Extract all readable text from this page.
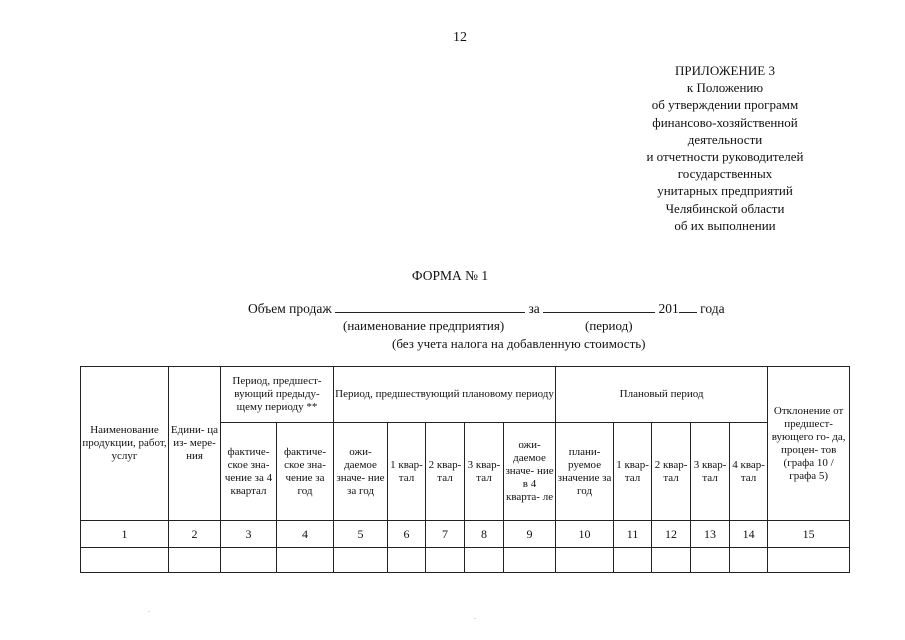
12
ПРИЛОЖЕНИЕ 3
к Положению
об утверждении программ
финансово-хозяйственной
деятельности
и отчетности руководителей
государственных
унитарных предприятий
Челябинской области
об их выполнении
ФОРМА № 1
Объем продаж	за	201 года
(наименование предприятия)	(период)
(без учета налога на добавленную стоимость)
Наименование продукции, работ, услуг	Едини- ца из- мере- ния	Период, предшест- вующий предыду- щему периоду **		Период, предшествующий плановому периоду					Плановый период					Отклонение от предшест- вующего го- да, процен- тов (графа 10 / графа 5)
		фактиче- ское зна- чение за 4 квартал	фактиче- ское зна- чение за год	ожи- даемое значе- ние за год	1 квар- тал	2 квар- тал	3 квар- тал	ожи- даемое значе- ние в 4 квартa- ле	плани- руемое значение за год	1 квар- тал	2 квар- тал	3 квар- тал	4 квар- тал	
1	2	3	4	5	6	7	8	9	10	11	12	13	14	15

.
.
